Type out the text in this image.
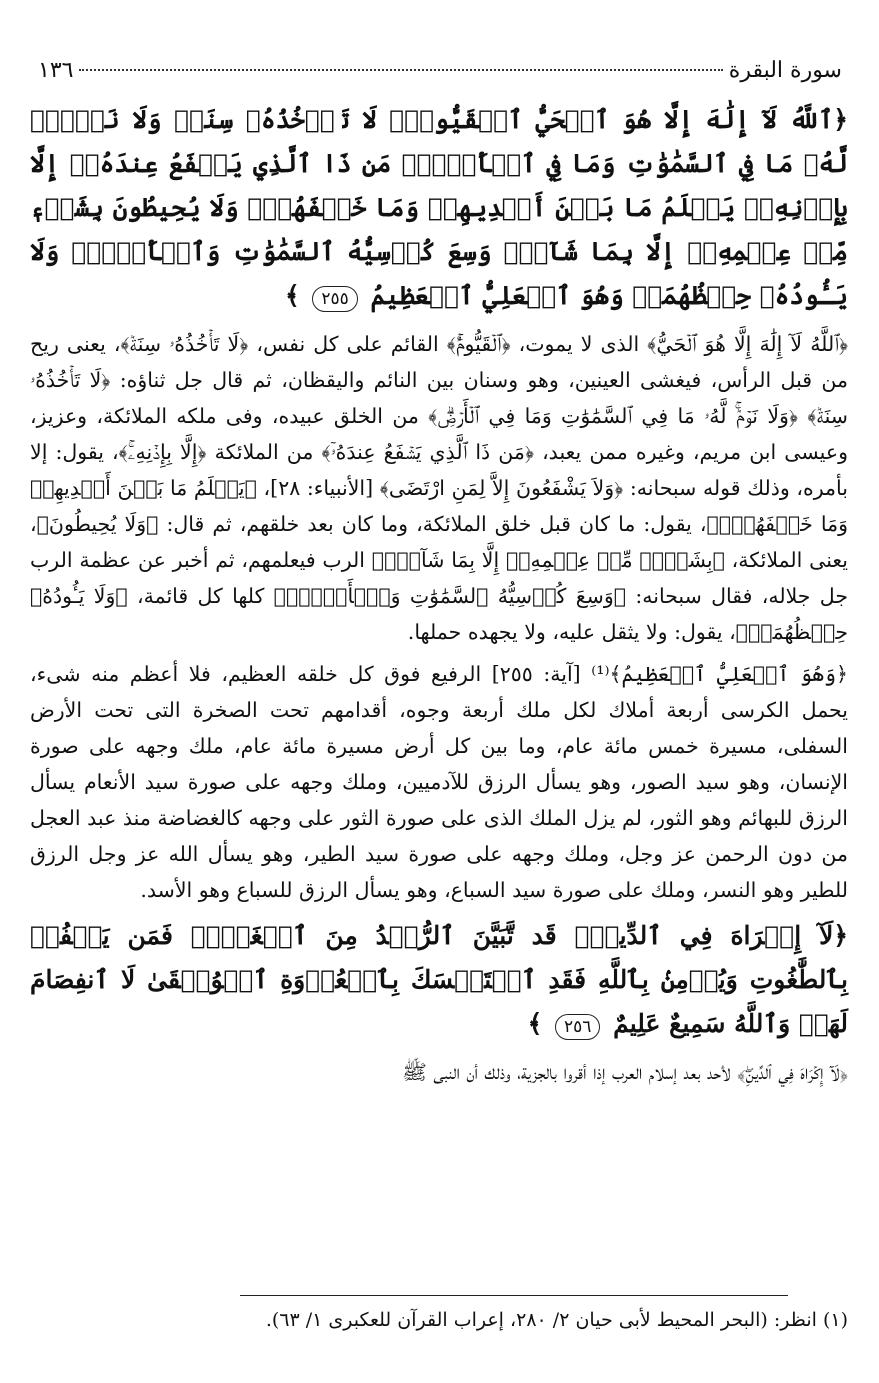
سورة البقرة
١٣٦

﴿ٱللَّهُ لَآ إِلَٰهَ إِلَّا هُوَ ٱلۡحَيُّ ٱلۡقَيُّومُۚ لَا تَأۡخُذُهُۥ سِنَةٞ وَلَا نَوۡمٞۚ لَّهُۥ مَا فِي ٱلسَّمَٰوَٰتِ وَمَا فِي ٱلۡأَرۡضِۗ مَن ذَا ٱلَّذِي يَشۡفَعُ عِندَهُۥٓ إِلَّا بِإِذۡنِهِۦۚ يَعۡلَمُ مَا بَيۡنَ أَيۡدِيهِمۡ وَمَا خَلۡفَهُمۡۖ وَلَا يُحِيطُونَ بِشَيۡءٖ مِّنۡ عِلۡمِهِۦٓ إِلَّا بِمَا شَآءَۚ وَسِعَ كُرۡسِيُّهُ ٱلسَّمَٰوَٰتِ وَٱلۡأَرۡضَۖ وَلَا يَـُٔودُهُۥ حِفۡظُهُمَاۚ وَهُوَ ٱلۡعَلِيُّ ٱلۡعَظِيمُ ٢٥٥ ﴾

﴿ٱللَّهُ لَآ إِلَٰهَ إِلَّا هُوَ ٱلۡحَيُّ﴾ الذى لا يموت، ﴿ٱلۡقَيُّومُۚ﴾ القائم على كل نفس، ﴿لَا تَأۡخُذُهُۥ سِنَةٞ﴾، يعنى ريح من قبل الرأس، فيغشى العينين، وهو وسنان بين النائم واليقظان، ثم قال جل ثناؤه: ﴿لَا تَأۡخُذُهُۥ سِنَةٞ﴾ ﴿وَلَا نَوۡمٞۚ لَّهُۥ مَا فِي ٱلسَّمَٰوَٰتِ وَمَا فِي ٱلۡأَرۡضِۗ﴾ من الخلق عبيده، وفى ملكه الملائكة، وعزيز، وعيسى ابن مريم، وغيره ممن يعبد، ﴿مَن ذَا ٱلَّذِي يَشۡفَعُ عِندَهُۥٓ﴾ من الملائكة ﴿إِلَّا بِإِذۡنِهِۦۚ﴾، يقول: إلا بأمره، وذلك قوله سبحانه: ﴿وَلاَ يَشْفَعُونَ إِلاَّ لِمَنِ ارْتَضَى﴾ [الأنبياء: ٢٨]، ﴿يَعۡلَمُ مَا بَيۡنَ أَيۡدِيهِمۡ وَمَا خَلۡفَهُمۡۖ﴾، يقول: ما كان قبل خلق الملائكة، وما كان بعد خلقهم، ثم قال: ﴿وَلَا يُحِيطُونَ﴾، يعنى الملائكة، ﴿بِشَيۡءٖ مِّنۡ عِلۡمِهِۦٓ إِلَّا بِمَا شَآءَۚ﴾ الرب فيعلمهم، ثم أخبر عن عظمة الرب جل جلاله، فقال سبحانه: ﴿وَسِعَ كُرۡسِيُّهُ ٱلسَّمَٰوَٰتِ وَٱلۡأَرۡضَۖ﴾ كلها كل قائمة، ﴿وَلَا يَـُٔودُهُۥ حِفۡظُهُمَاۚ﴾، يقول: ولا يثقل عليه، ولا يجهده حملها.

﴿وَهُوَ ٱلۡعَلِيُّ ٱلۡعَظِيمُ﴾⁽¹⁾ [آية: ٢٥٥] الرفيع فوق كل خلقه العظيم، فلا أعظم منه شىء، يحمل الكرسى أربعة أملاك لكل ملك أربعة وجوه، أقدامهم تحت الصخرة التى تحت الأرض السفلى، مسيرة خمس مائة عام، وما بين كل أرض مسيرة مائة عام، ملك وجهه على صورة الإنسان، وهو سيد الصور، وهو يسأل الرزق للآدميين، وملك وجهه على صورة سيد الأنعام يسأل الرزق للبهائم وهو الثور، لم يزل الملك الذى على صورة الثور على وجهه كالغضاضة منذ عبد العجل من دون الرحمن عز وجل، وملك وجهه على صورة سيد الطير، وهو يسأل الله عز وجل الرزق للطير وهو النسر، وملك على صورة سيد السباع، وهو يسأل الرزق للسباع وهو الأسد.

﴿لَآ إِكۡرَاهَ فِي ٱلدِّينِۖ قَد تَّبَيَّنَ ٱلرُّشۡدُ مِنَ ٱلۡغَيِّۚ فَمَن يَكۡفُرۡ بِٱلطَّٰغُوتِ وَيُؤۡمِنۢ بِٱللَّهِ فَقَدِ ٱسۡتَمۡسَكَ بِٱلۡعُرۡوَةِ ٱلۡوُثۡقَىٰ لَا ٱنفِصَامَ لَهَاۗ وَٱللَّهُ سَمِيعٌ عَلِيمٌ ٢٥٦ ﴾

﴿لَآ إِكۡرَاهَ فِي ٱلدِّينِۖ﴾ لأحد بعد إسلام العرب إذا أقروا بالجزية، وذلك أن النبى ﷺ

(١) انظر: (البحر المحيط لأبى حيان ٢/ ٢٨٠، إعراب القرآن للعكبرى ١/ ٦٣).
